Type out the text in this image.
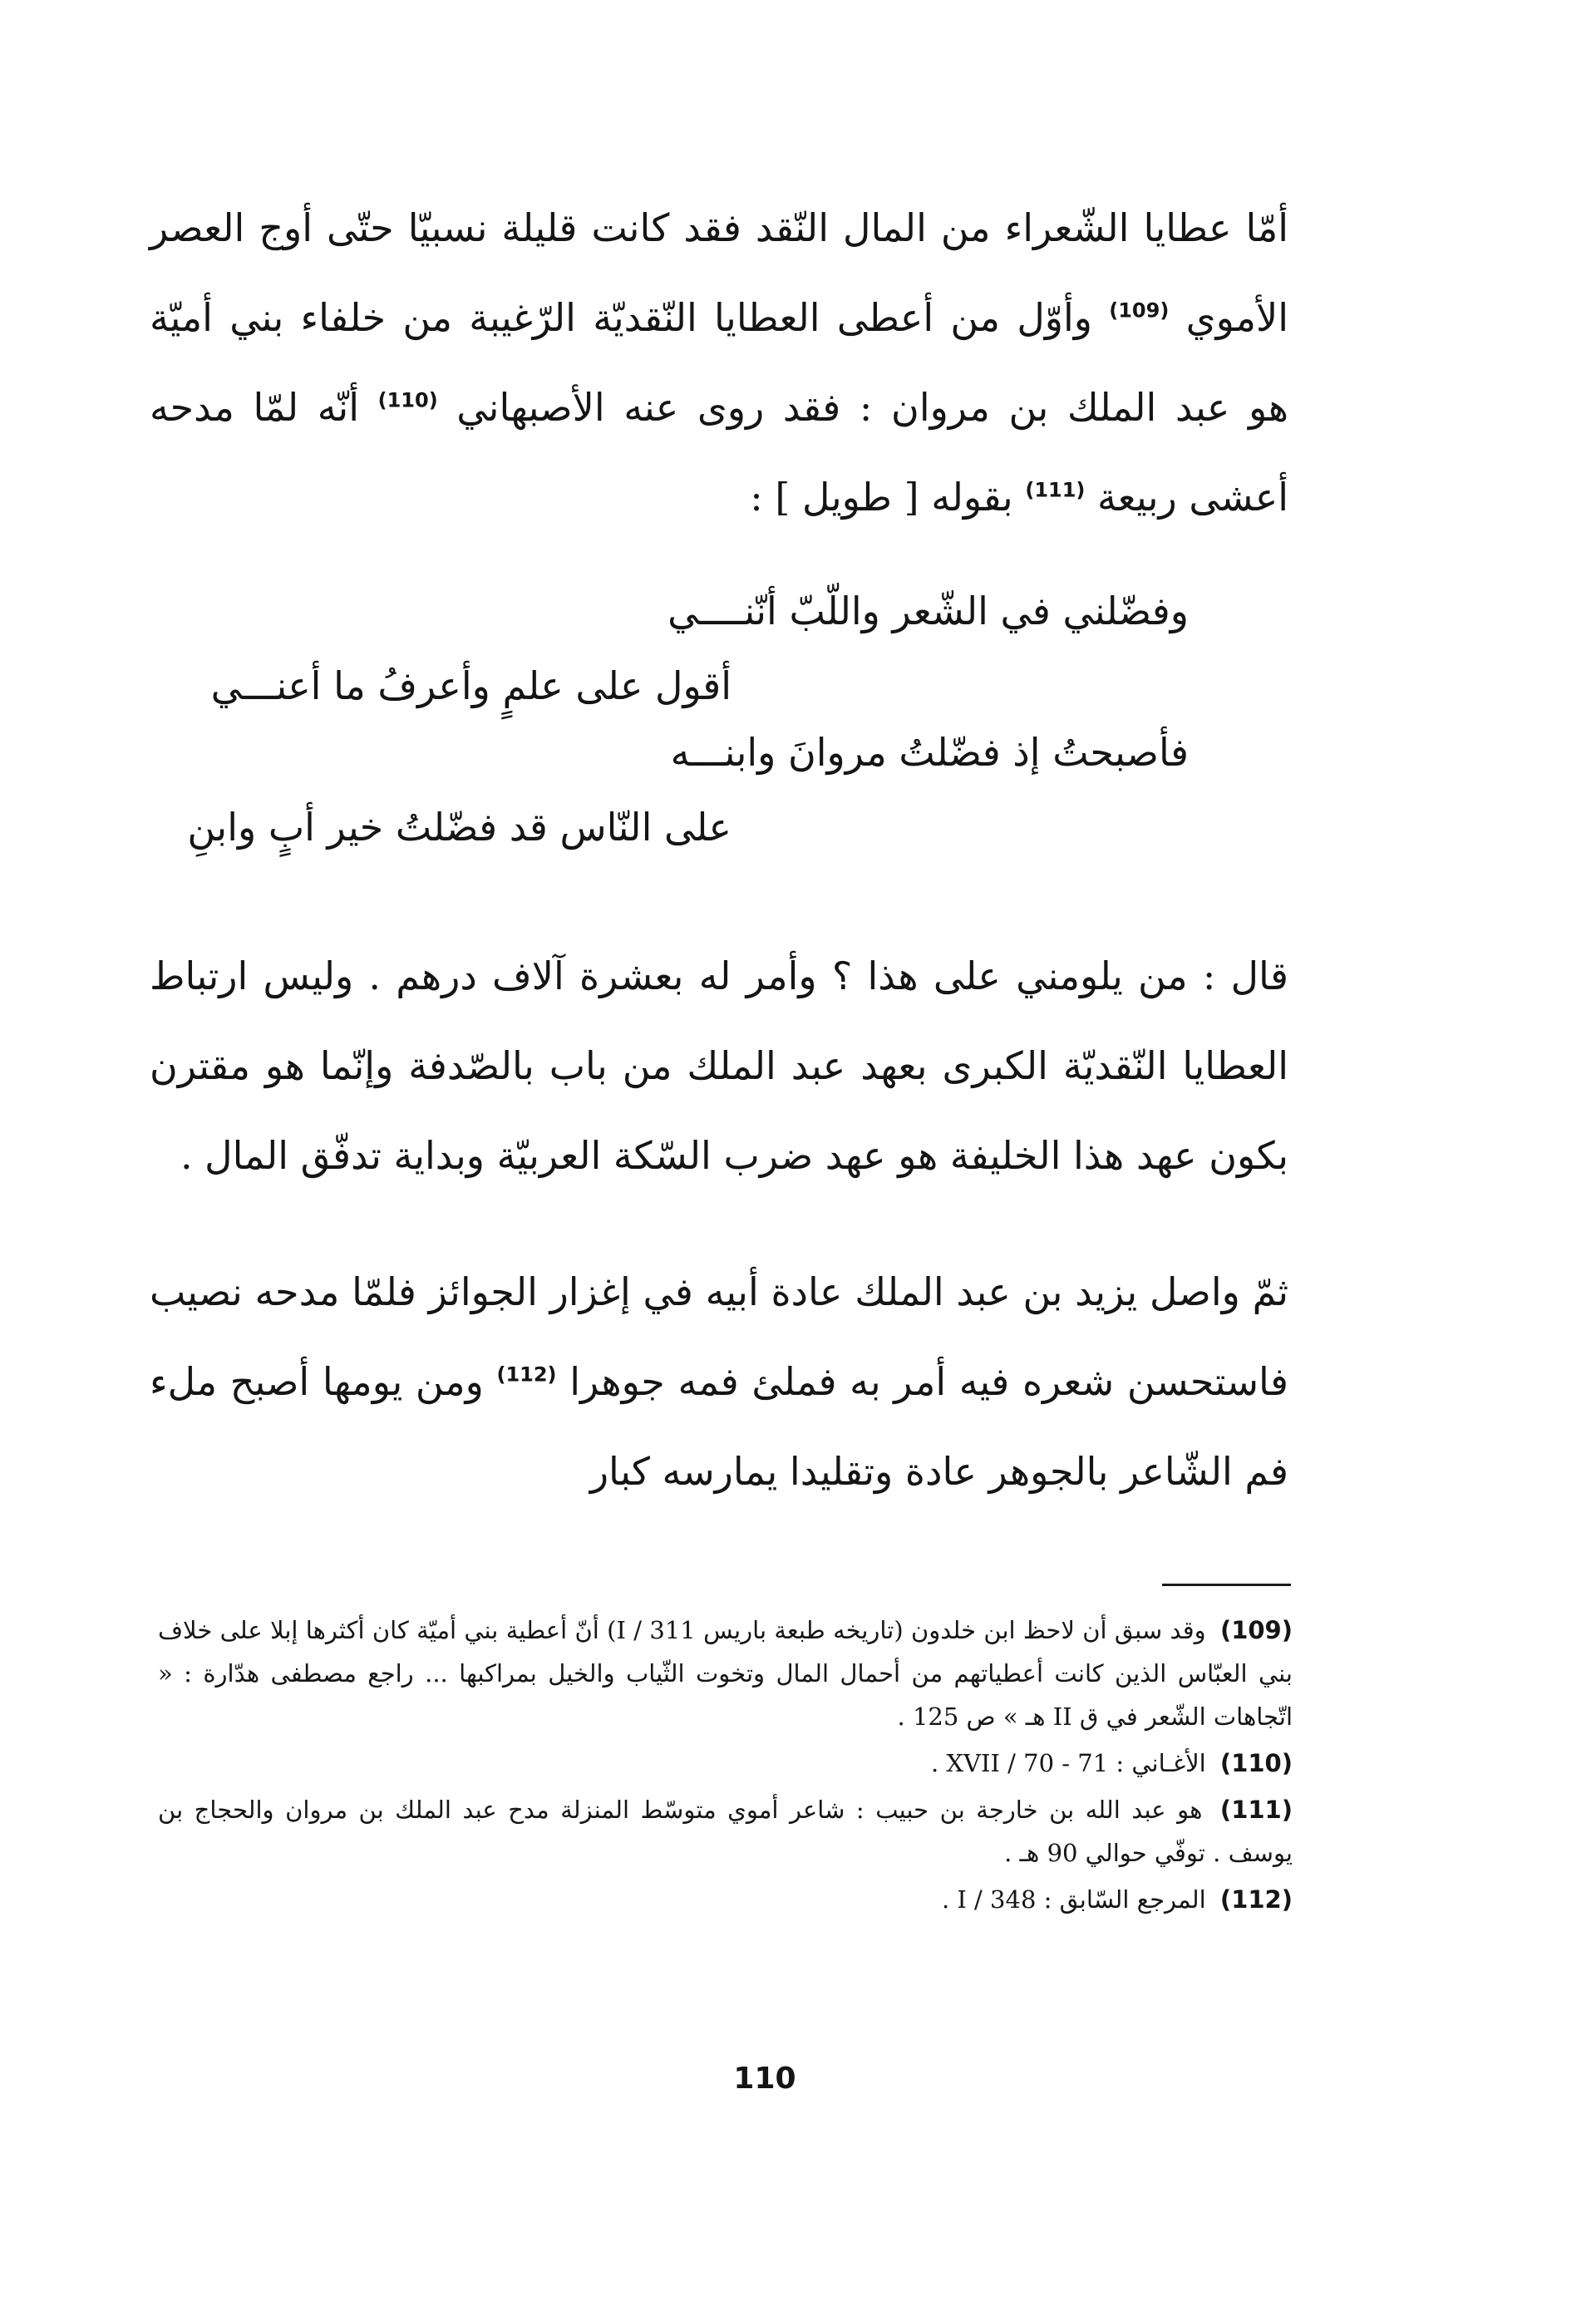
أمّا عطايا الشّعراء من المال النّقد فقد كانت قليلة نسبيّا حتّى أوج العصر الأموي $^{(109)}$ وأوّل من أعطى العطايا النّقديّة الرّغيبة من خلفاء بني أميّة هو عبد الملك بن مروان : فقد روى عنه الأصبهاني $^{(110)}$ أنّه لمّا مدحه أعشى ربيعة $^{(111)}$ بقوله [ طويل ] :

وفضّلني في الشّعر واللّبّ أنّنــــي
أقول على علمٍ وأعرفُ ما أعنـــي
فأصبحتُ إذ فضّلتُ مروانَ وابنـــه
على النّاس قد فضّلتُ خير أبٍ وابنِ

قال : من يلومني على هذا ؟ وأمر له بعشرة آلاف درهم . وليس ارتباط العطايا النّقديّة الكبرى بعهد عبد الملك من باب بالصّدفة وإنّما هو مقترن بكون عهد هذا الخليفة هو عهد ضرب السّكة العربيّة وبداية تدفّق المال .

ثمّ واصل يزيد بن عبد الملك عادة أبيه في إغزار الجوائز فلمّا مدحه نصيب فاستحسن شعره فيه أمر به فملئ فمه جوهرا $^{(112)}$ ومن يومها أصبح ملء فم الشّاعر بالجوهر عادة وتقليدا يمارسه كبار

(109) وقد سبق أن لاحظ ابن خلدون (تاريخه طبعة باريس I / 311) أنّ أعطية بني أميّة كان أكثرها إبلا على خلاف بني العبّاس الذين كانت أعطياتهم من أحمال المال وتخوت الثّياب والخيل بمراكبها ... راجع مصطفى هدّارة : « اتّجاهات الشّعر في ق II هـ » ص 125 .
(110) الأغـاني : XVII / 70 - 71 .
(111) هو عبد الله بن خارجة بن حبيب : شاعر أموي متوسّط المنزلة مدح عبد الملك بن مروان والحجاج بن يوسف . توفّي حوالي 90 هـ .
(112) المرجع السّابق : I / 348 .
110
